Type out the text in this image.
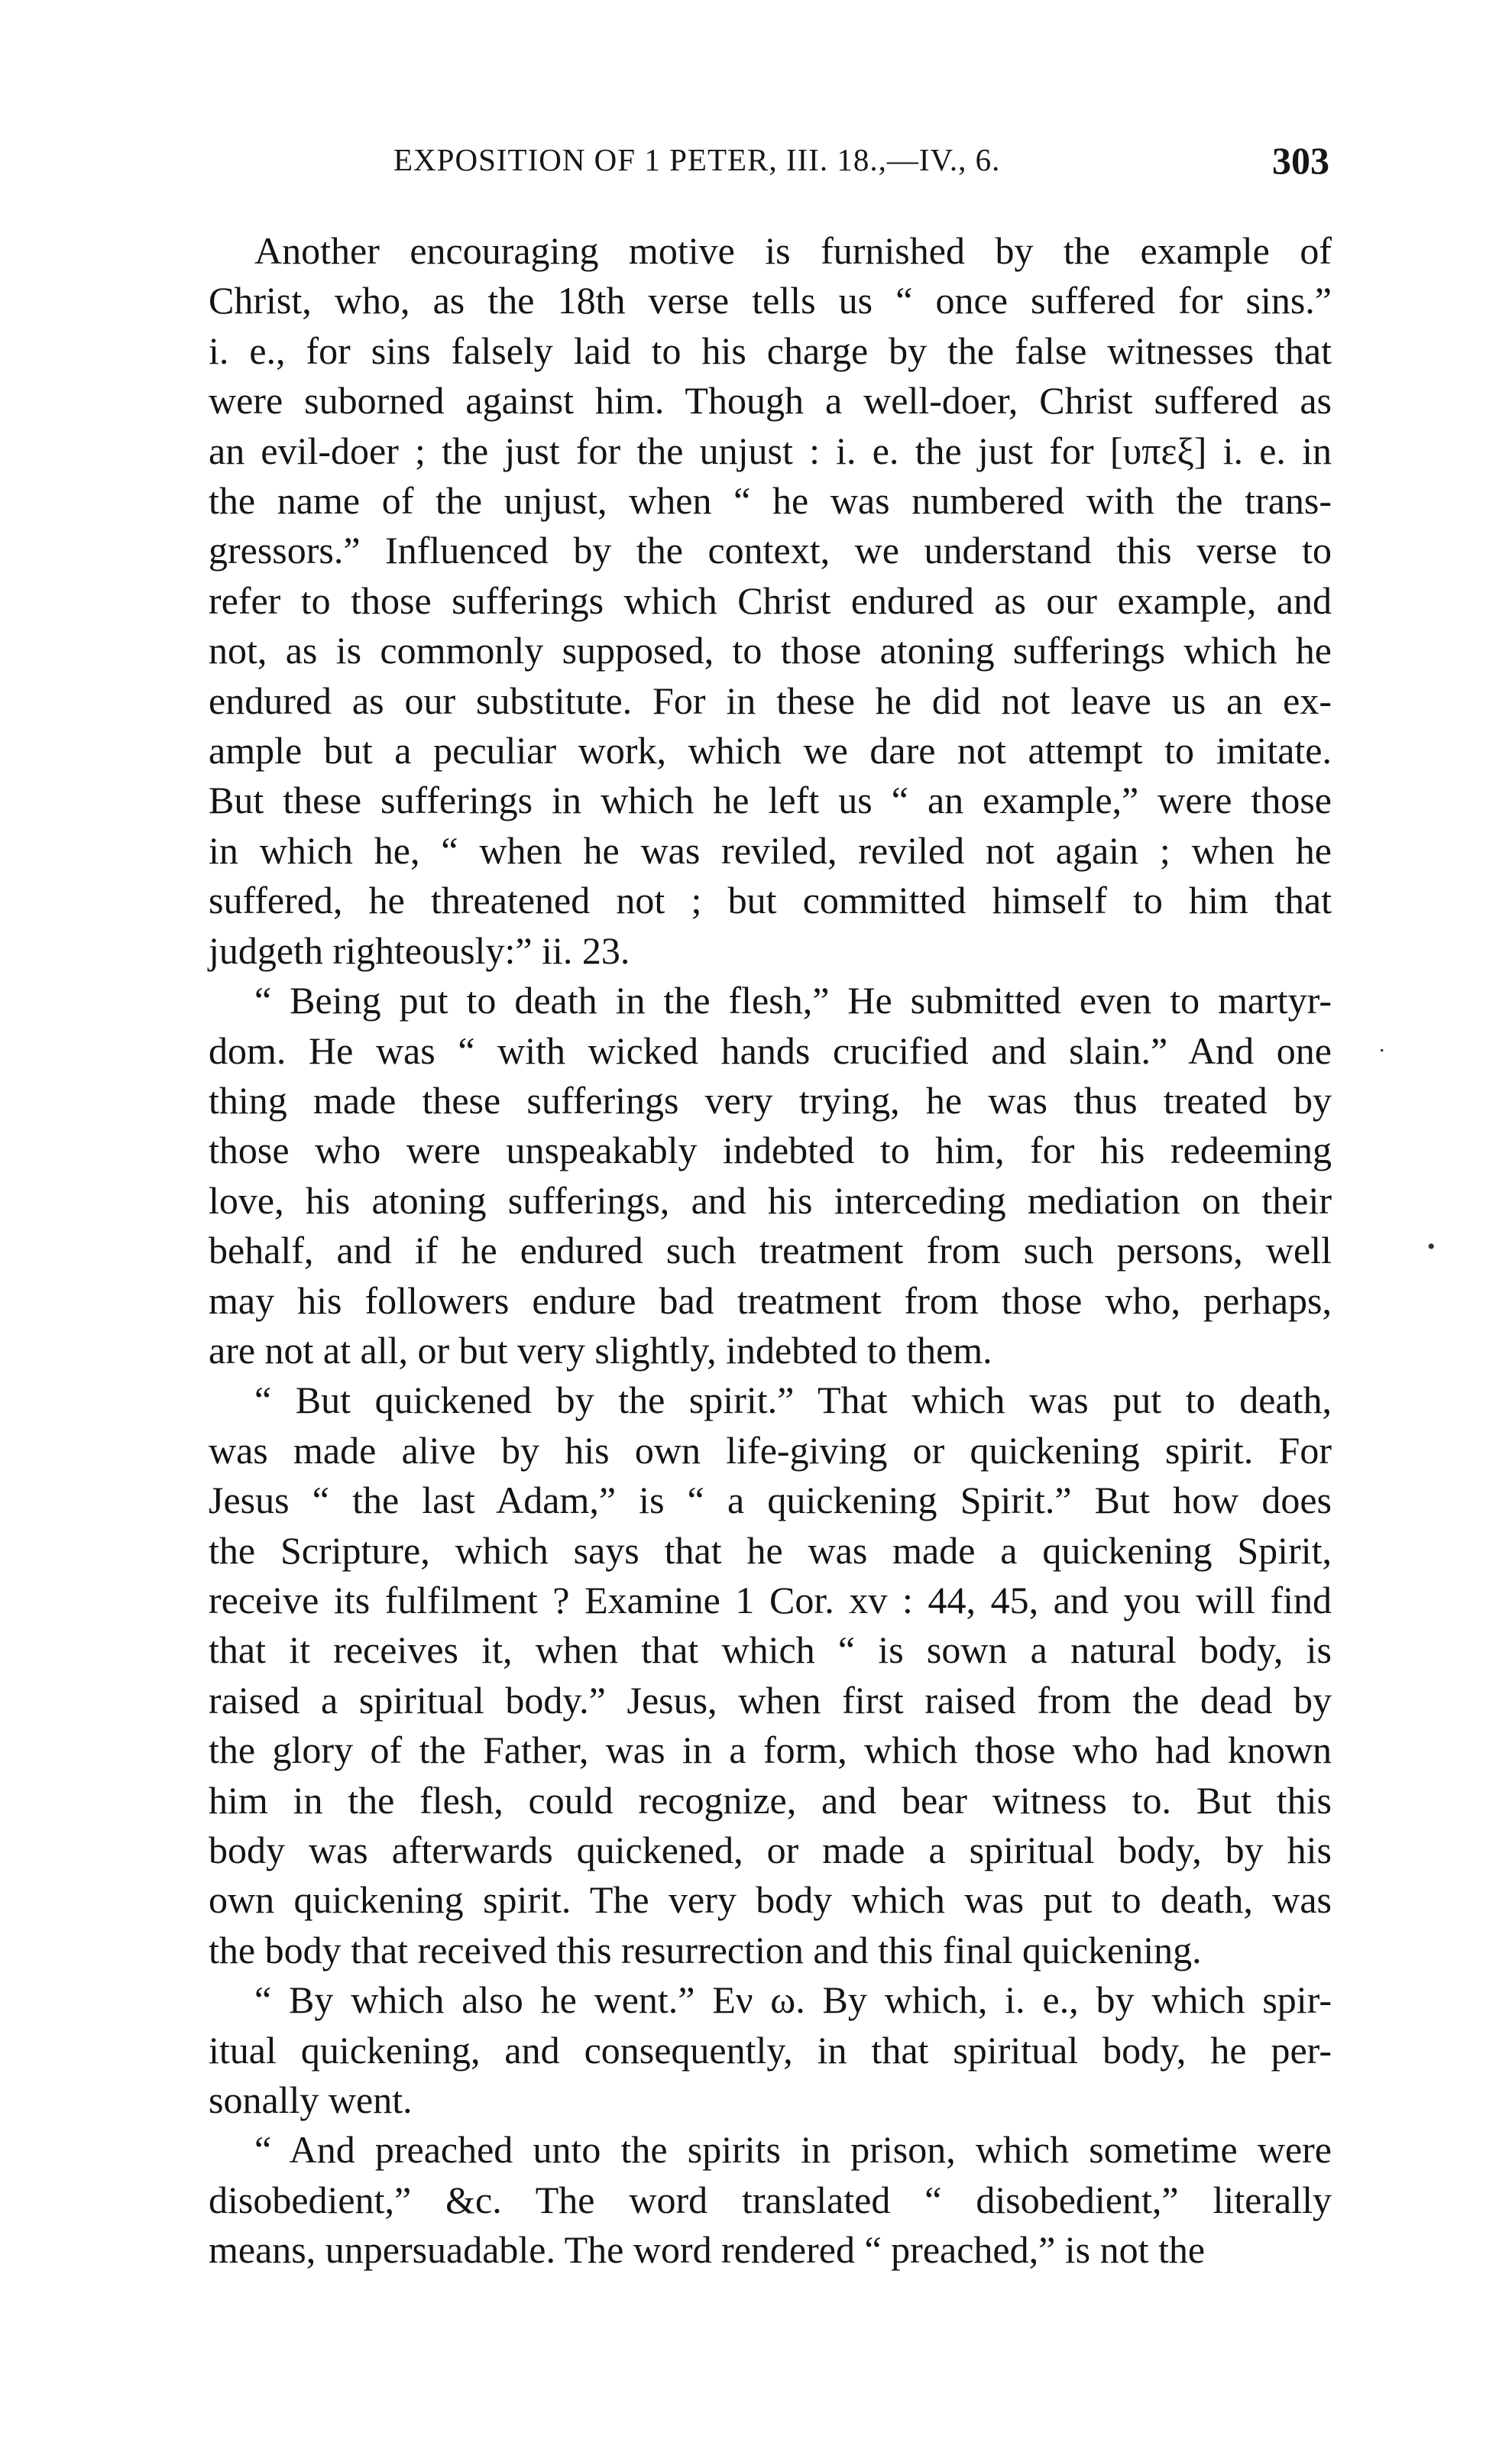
EXPOSITION OF 1 PETER, III. 18.,—IV., 6.	303
Another encouraging motive is furnished by the example of
Christ, who, as the 18th verse tells us “ once suffered for sins.”
i. e., for sins falsely laid to his charge by the false witnesses that
were suborned against him. Though a well-doer, Christ suffered as
an evil-doer ; the just for the unjust : i. e. the just for [υπεξ] i. e. in
the name of the unjust, when “ he was numbered with the trans-
gressors.” Influenced by the context, we understand this verse to
refer to those sufferings which Christ endured as our example, and
not, as is commonly supposed, to those atoning sufferings which he
endured as our substitute. For in these he did not leave us an ex-
ample but a peculiar work, which we dare not attempt to imitate.
But these sufferings in which he left us “ an example,” were those
in which he, “ when he was reviled, reviled not again ; when he
suffered, he threatened not ; but committed himself to him that
judgeth righteously:” ii. 23.
“ Being put to death in the flesh,” He submitted even to martyr-
dom. He was “ with wicked hands crucified and slain.” And one
thing made these sufferings very trying, he was thus treated by
those who were unspeakably indebted to him, for his redeeming
love, his atoning sufferings, and his interceding mediation on their
behalf, and if he endured such treatment from such persons, well
may his followers endure bad treatment from those who, perhaps,
are not at all, or but very slightly, indebted to them.
“ But quickened by the spirit.” That which was put to death,
was made alive by his own life-giving or quickening spirit. For
Jesus “ the last Adam,” is “ a quickening Spirit.” But how does
the Scripture, which says that he was made a quickening Spirit,
receive its fulfilment ? Examine 1 Cor. xv : 44, 45, and you will find
that it receives it, when that which “ is sown a natural body, is
raised a spiritual body.” Jesus, when first raised from the dead by
the glory of the Father, was in a form, which those who had known
him in the flesh, could recognize, and bear witness to. But this
body was afterwards quickened, or made a spiritual body, by his
own quickening spirit. The very body which was put to death, was
the body that received this resurrection and this final quickening.
“ By which also he went.” Eν ω. By which, i. e., by which spir-
itual quickening, and consequently, in that spiritual body, he per-
sonally went.
“ And preached unto the spirits in prison, which sometime were
disobedient,” &c. The word translated “ disobedient,” literally
means, unpersuadable. The word rendered “ preached,” is not the
.
•
